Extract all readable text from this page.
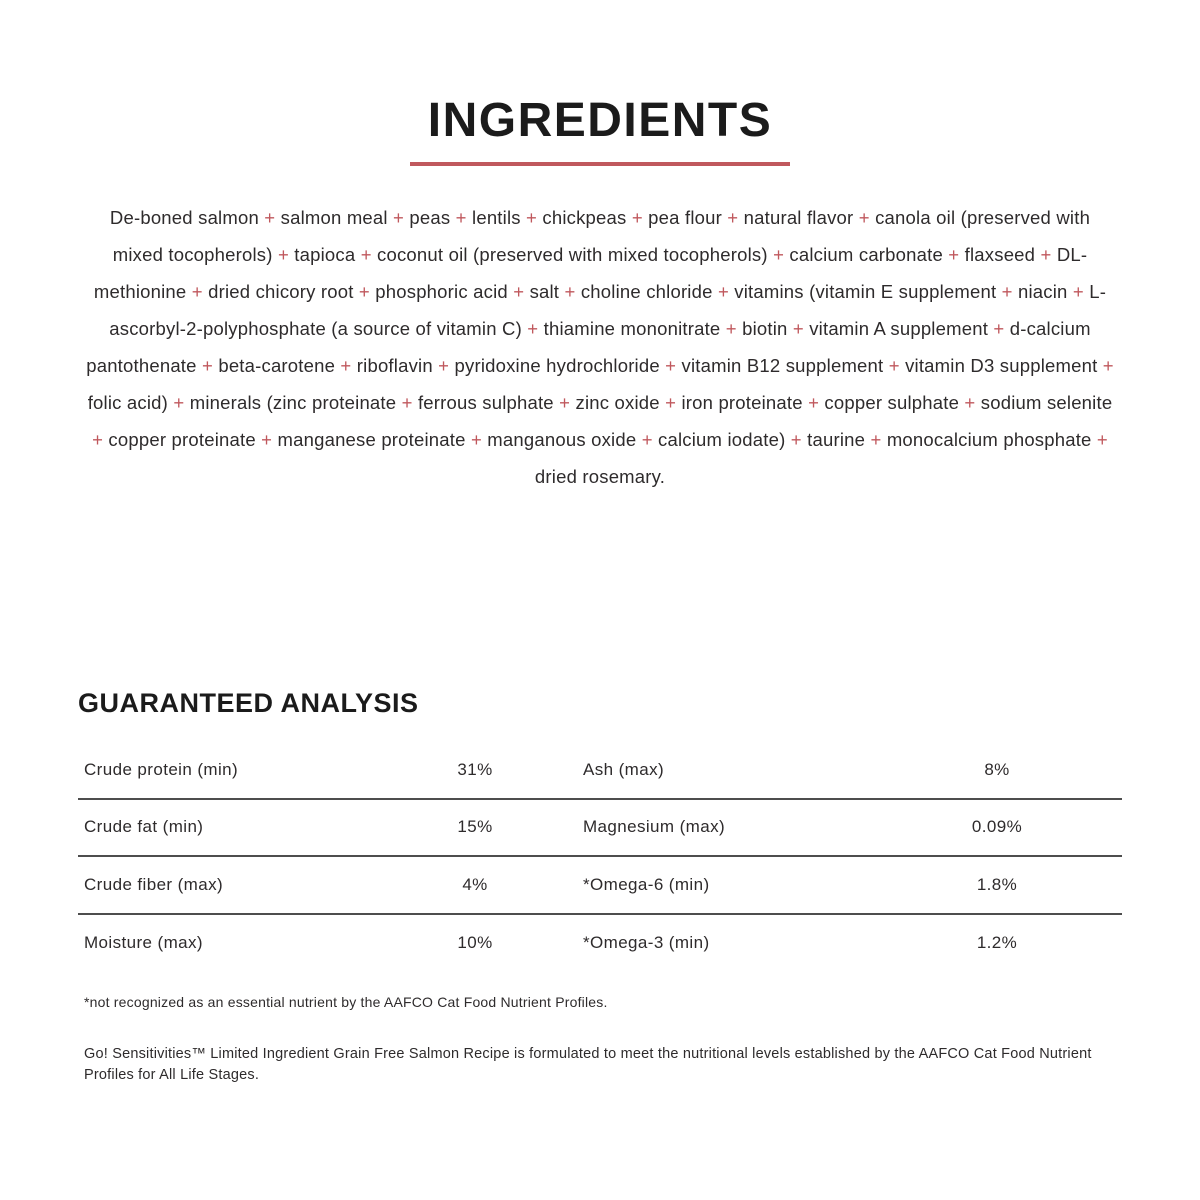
INGREDIENTS

De-boned salmon + salmon meal + peas + lentils + chickpeas + pea flour + natural flavor + canola oil (preserved with mixed tocopherols) + tapioca + coconut oil (preserved with mixed tocopherols) + calcium carbonate + flaxseed + DL-methionine + dried chicory root + phosphoric acid + salt + choline chloride + vitamins (vitamin E supplement + niacin + L-ascorbyl-2-polyphosphate (a source of vitamin C) + thiamine mononitrate + biotin + vitamin A supplement + d-calcium pantothenate + beta-carotene + riboflavin + pyridoxine hydrochloride + vitamin B12 supplement + vitamin D3 supplement + folic acid) + minerals (zinc proteinate + ferrous sulphate + zinc oxide + iron proteinate + copper sulphate + sodium selenite + copper proteinate + manganese proteinate + manganous oxide + calcium iodate) + taurine + monocalcium phosphate + dried rosemary.

GUARANTEED ANALYSIS
Crude protein (min)	31%	Ash (max)	8%
Crude fat (min)	15%	Magnesium (max)	0.09%
Crude fiber (max)	4%	*Omega-6 (min)	1.8%
Moisture (max)	10%	*Omega-3 (min)	1.2%
*not recognized as an essential nutrient by the AAFCO Cat Food Nutrient Profiles.
Go! Sensitivities™ Limited Ingredient Grain Free Salmon Recipe is formulated to meet the nutritional levels established by the AAFCO Cat Food Nutrient Profiles for All Life Stages.
